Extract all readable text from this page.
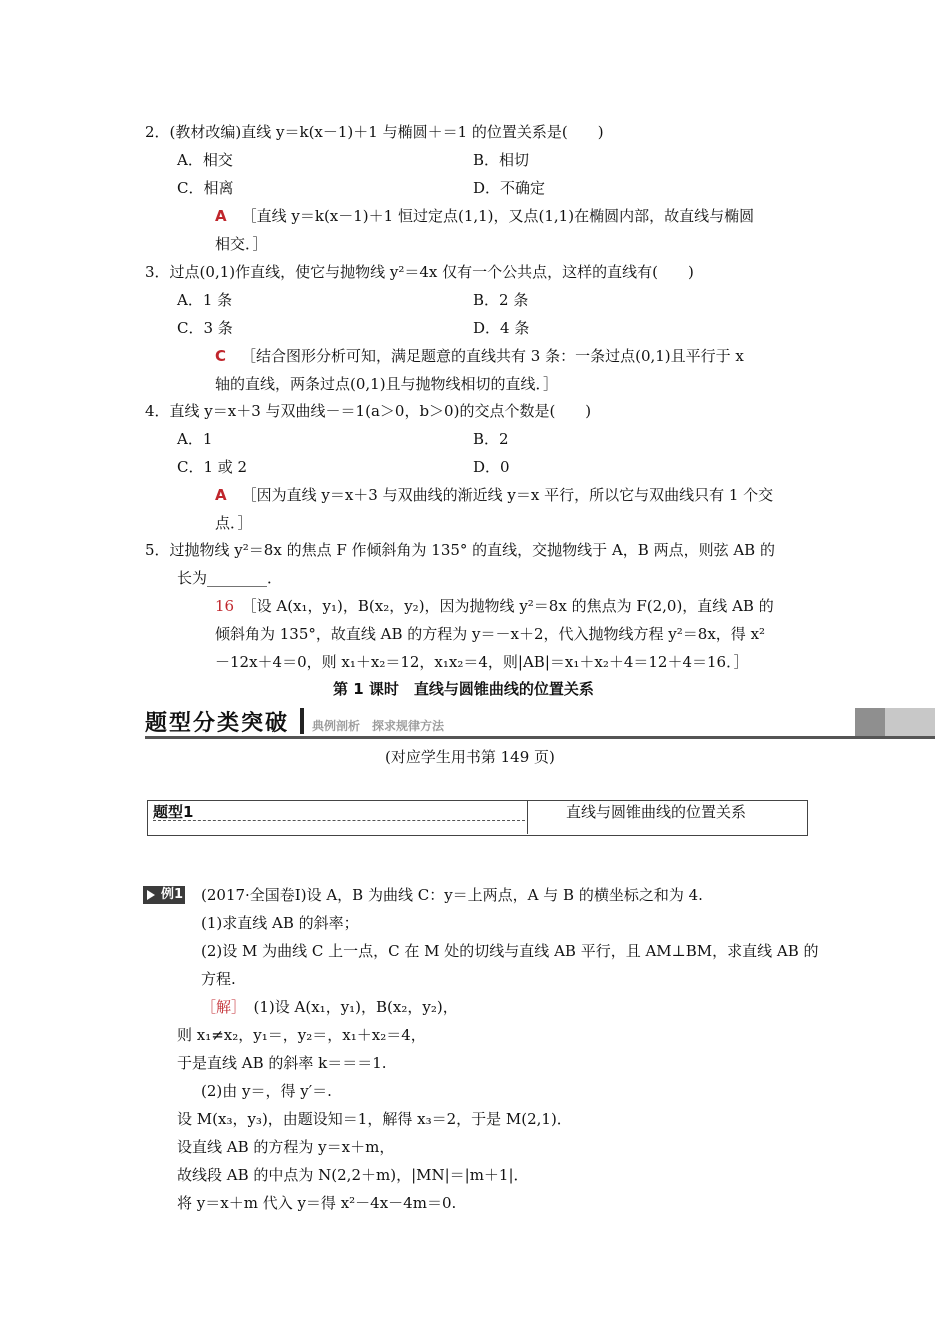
2．(教材改编)直线 y＝k(x－1)＋1 与椭圆＋＝1 的位置关系是(　　)
A．相交	B．相切
C．相离	D．不确定
A  ［直线 y＝k(x－1)＋1 恒过定点(1,1)，又点(1,1)在椭圆内部，故直线与椭圆
相交．］
3．过点(0,1)作直线，使它与抛物线 y²＝4x 仅有一个公共点，这样的直线有(　　)
A．1 条	B．2 条
C．3 条	D．4 条
C  ［结合图形分析可知，满足题意的直线共有 3 条：一条过点(0,1)且平行于 x
轴的直线，两条过点(0,1)且与抛物线相切的直线．］
4．直线 y＝x＋3 与双曲线－＝1(a＞0，b＞0)的交点个数是(　　)
A．1	B．2
C．1 或 2	D．0
A  ［因为直线 y＝x＋3 与双曲线的渐近线 y＝x 平行，所以它与双曲线只有 1 个交
点．］
5．过抛物线 y²＝8x 的焦点 F 作倾斜角为 135° 的直线，交抛物线于 A，B 两点，则弦 AB 的
长为________．
16  ［设 A(x₁，y₁)，B(x₂，y₂)，因为抛物线 y²＝8x 的焦点为 F(2,0)，直线 AB 的
倾斜角为 135°，故直线 AB 的方程为 y＝－x＋2，代入抛物线方程 y²＝8x，得 x²
－12x＋4＝0，则 x₁＋x₂＝12，x₁x₂＝4，则|AB|＝x₁＋x₂＋4＝12＋4＝16．］
第 1 课时　直线与圆锥曲线的位置关系
题型分类突破 典例剖析　探求规律方法
(对应学生用书第 149 页)
题型1	直线与圆锥曲线的位置关系
例1 (2017·全国卷Ⅰ)设 A，B 为曲线 C：y＝上两点，A 与 B 的横坐标之和为 4.
(1)求直线 AB 的斜率；
(2)设 M 为曲线 C 上一点，C 在 M 处的切线与直线 AB 平行，且 AM⊥BM，求直线 AB 的
方程.
［解］  (1)设 A(x₁，y₁)，B(x₂，y₂)，
则 x₁≠x₂，y₁＝，y₂＝，x₁＋x₂＝4，
于是直线 AB 的斜率 k＝＝＝1.
(2)由 y＝，得 y′＝.
设 M(x₃，y₃)，由题设知＝1，解得 x₃＝2，于是 M(2,1)．
设直线 AB 的方程为 y＝x＋m，
故线段 AB 的中点为 N(2,2＋m)，|MN|＝|m＋1|．
将 y＝x＋m 代入 y＝得 x²－4x－4m＝0.
